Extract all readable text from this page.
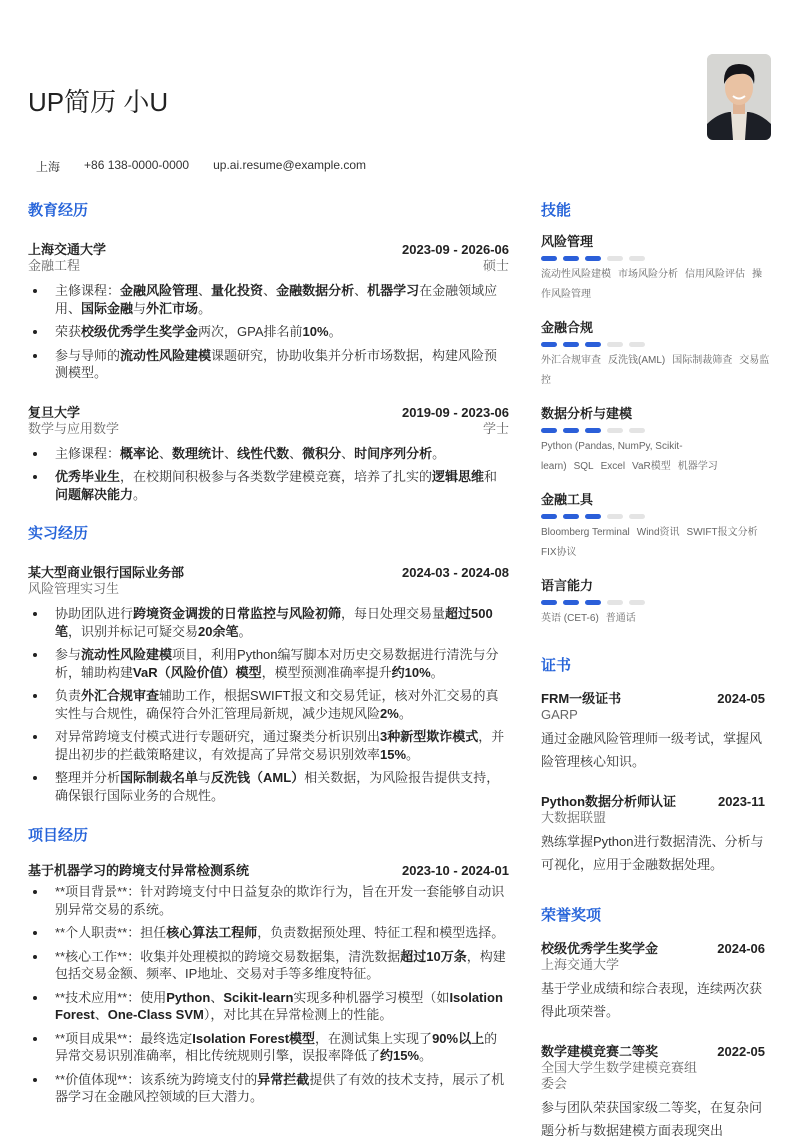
UP简历 小U
上海 +86 138-0000-0000 up.ai.resume@example.com
教育经历
上海交通大学	2023-09 - 2026-06
金融工程	硕士
主修课程：金融风险管理、量化投资、金融数据分析、机器学习在金融领域应用、国际金融与外汇市场。
荣获校级优秀学生奖学金两次，GPA排名前10%。
参与导师的流动性风险建模课题研究，协助收集并分析市场数据，构建风险预测模型。
复旦大学	2019-09 - 2023-06
数学与应用数学	学士
主修课程：概率论、数理统计、线性代数、微积分、时间序列分析。
优秀毕业生，在校期间积极参与各类数学建模竞赛，培养了扎实的逻辑思维和问题解决能力。
实习经历
某大型商业银行国际业务部	2024-03 - 2024-08
风险管理实习生
协助团队进行跨境资金调拨的日常监控与风险初筛，每日处理交易量超过500笔，识别并标记可疑交易20余笔。
参与流动性风险建模项目，利用Python编写脚本对历史交易数据进行清洗与分析，辅助构建VaR（风险价值）模型，模型预测准确率提升约10%。
负责外汇合规审查辅助工作，根据SWIFT报文和交易凭证，核对外汇交易的真实性与合规性，确保符合外汇管理局新规，减少违规风险2%。
对异常跨境支付模式进行专题研究，通过聚类分析识别出3种新型欺诈模式，并提出初步的拦截策略建议，有效提高了异常交易识别效率15%。
整理并分析国际制裁名单与反洗钱（AML）相关数据，为风险报告提供支持，确保银行国际业务的合规性。
项目经历
基于机器学习的跨境支付异常检测系统	2023-10 - 2024-01
**项目背景**：针对跨境支付中日益复杂的欺诈行为，旨在开发一套能够自动识别异常交易的系统。
**个人职责**：担任核心算法工程师，负责数据预处理、特征工程和模型选择。
**核心工作**：收集并处理模拟的跨境交易数据集，清洗数据超过10万条，构建包括交易金额、频率、IP地址、交易对手等多维度特征。
**技术应用**：使用Python、Scikit-learn实现多种机器学习模型（如Isolation Forest、One-Class SVM），对比其在异常检测上的性能。
**项目成果**：最终选定Isolation Forest模型，在测试集上实现了90%以上的异常交易识别准确率，相比传统规则引擎，误报率降低了约15%。
**价值体现**：该系统为跨境支付的异常拦截提供了有效的技术支持，展示了机器学习在金融风控领域的巨大潜力。
技能
风险管理
流动性风险建模 市场风险分析 信用风险评估 操作风险管理
金融合规
外汇合规审查 反洗钱(AML) 国际制裁筛查 交易监控
数据分析与建模
Python (Pandas, NumPy, Scikit-learn) SQL Excel VaR模型 机器学习
金融工具
Bloomberg Terminal Wind资讯 SWIFT报文分析FIX协议
语言能力
英语 (CET-6) 普通话
证书
FRM一级证书	2024-05
GARP
通过金融风险管理师一级考试，掌握风险管理核心知识。
Python数据分析师认证	2023-11
大数据联盟
熟练掌握Python进行数据清洗、分析与可视化，应用于金融数据处理。
荣誉奖项
校级优秀学生奖学金	2024-06
上海交通大学
基于学业成绩和综合表现，连续两次获得此项荣誉。
数学建模竞赛二等奖	2022-05
全国大学生数学建模竞赛组委会
参与团队荣获国家级二等奖，在复杂问题分析与数据建模方面表现突出
